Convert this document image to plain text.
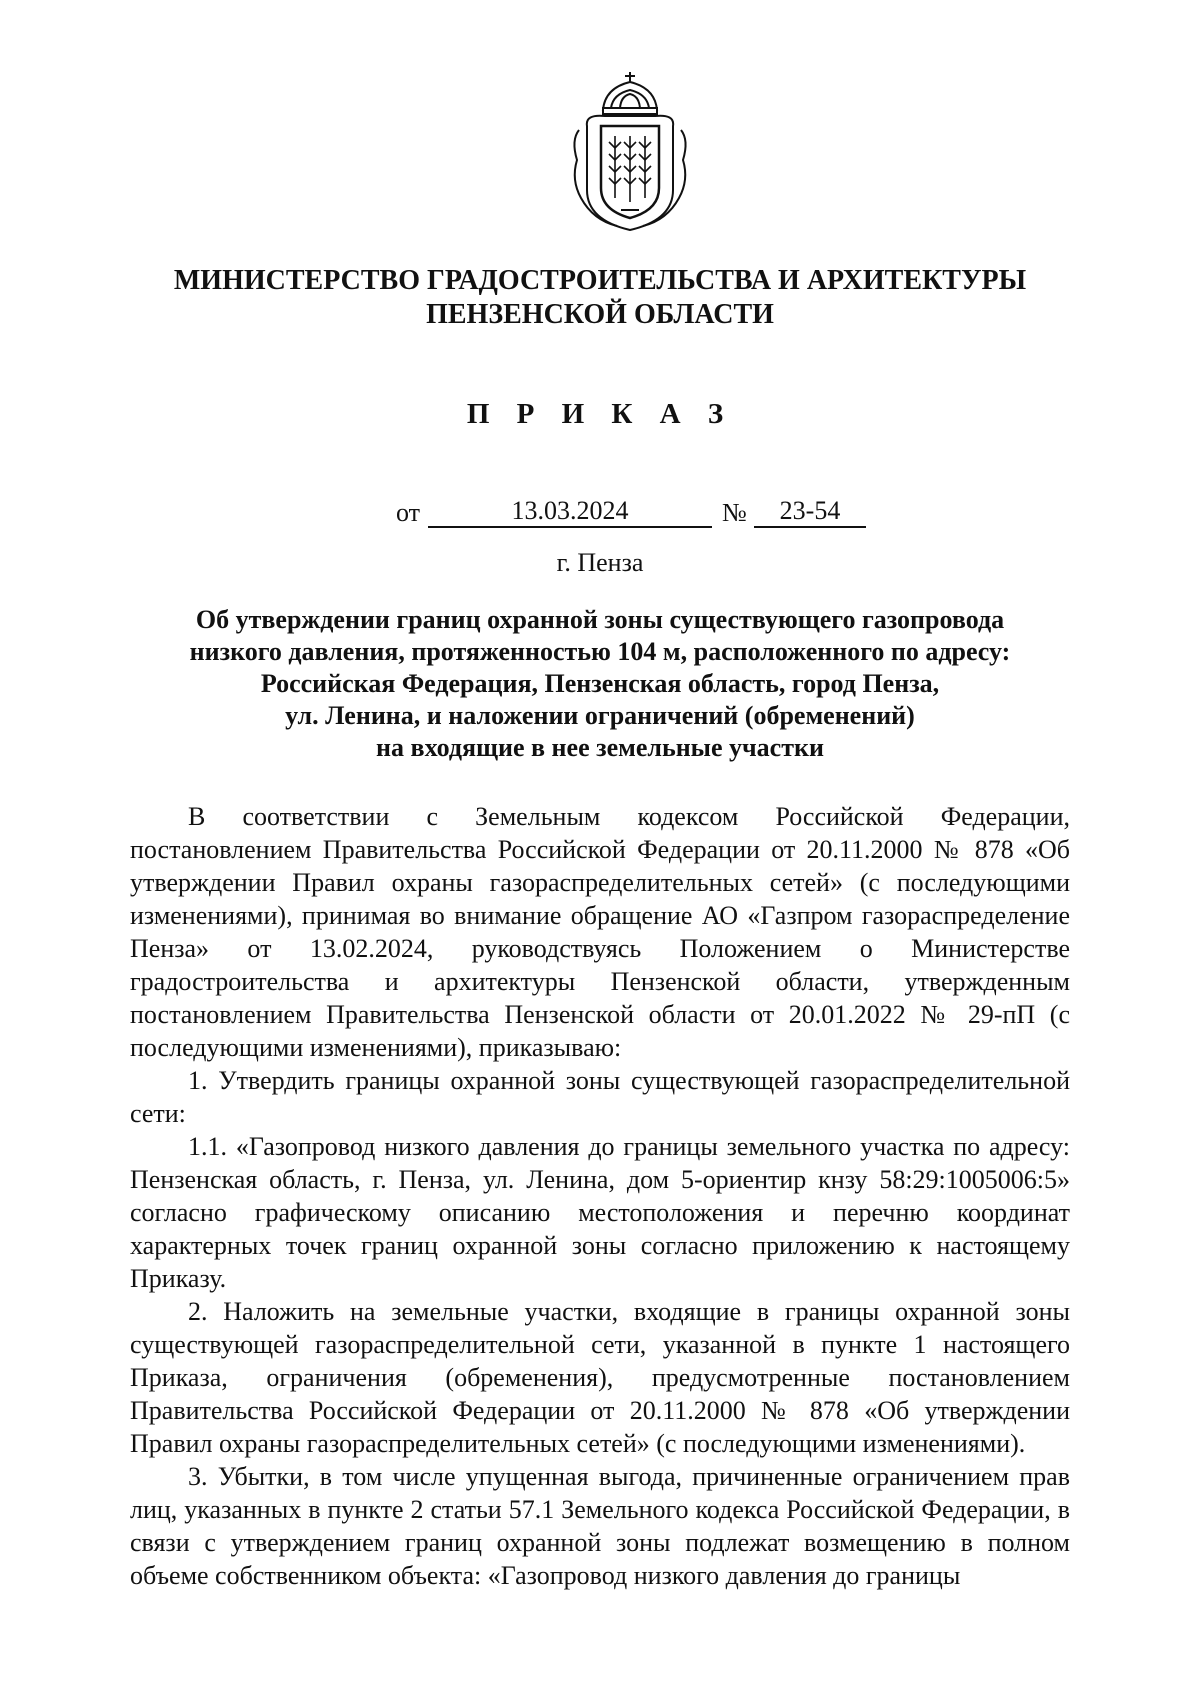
МИНИСТЕРСТВО ГРАДОСТРОИТЕЛЬСТВА И АРХИТЕКТУРЫ
ПЕНЗЕНСКОЙ ОБЛАСТИ
П Р И К А З
от	13.03.2024	№	23-54
г. Пенза
Об утверждении границ охранной зоны существующего газопровода
низкого давления, протяженностью 104 м, расположенного по адресу:
Российская Федерация, Пензенская область, город Пенза,
ул. Ленина, и наложении ограничений (обременений)
на входящие в нее земельные участки

В соответствии с Земельным кодексом Российской Федерации, постановлением Правительства Российской Федерации от 20.11.2000 № 878 «Об утверждении Правил охраны газораспределительных сетей» (с последующими изменениями), принимая во внимание обращение АО «Газпром газораспределение Пенза» от 13.02.2024, руководствуясь Положением о Министерстве градостроительства и архитектуры Пензенской области, утвержденным постановлением Правительства Пензенской области от 20.01.2022 № 29-пП (с последующими изменениями), приказываю:

1. Утвердить границы охранной зоны существующей газораспределительной сети:

1.1. «Газопровод низкого давления до границы земельного участка по адресу: Пензенская область, г. Пенза, ул. Ленина, дом 5-ориентир кнзу 58:29:1005006:5» согласно графическому описанию местоположения и перечню координат характерных точек границ охранной зоны согласно приложению к настоящему Приказу.

2. Наложить на земельные участки, входящие в границы охранной зоны существующей газораспределительной сети, указанной в пункте 1 настоящего Приказа, ограничения (обременения), предусмотренные постановлением Правительства Российской Федерации от 20.11.2000 № 878 «Об утверждении Правил охраны газораспределительных сетей» (с последующими изменениями).

3. Убытки, в том числе упущенная выгода, причиненные ограничением прав лиц, указанных в пункте 2 статьи 57.1 Земельного кодекса Российской Федерации, в связи с утверждением границ охранной зоны подлежат возмещению в полном объеме собственником объекта: «Газопровод низкого давления до границы
